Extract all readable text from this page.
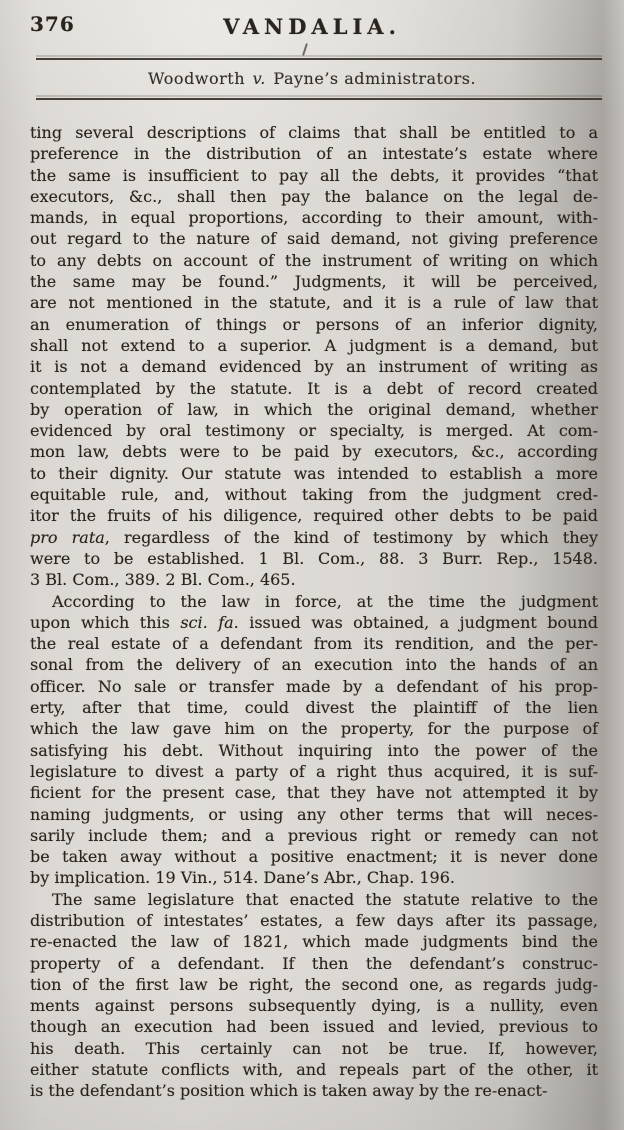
376	VANDALIA.
Woodworth v. Payne’s administrators.
ting several descriptions of claims that shall be entitled to a
preference in the distribution of an intestate’s estate where
the same is insufficient to pay all the debts, it provides “that
executors, &c., shall then pay the balance on the legal de-
mands, in equal proportions, according to their amount, with-
out regard to the nature of said demand, not giving preference
to any debts on account of the instrument of writing on which
the same may be found.” Judgments, it will be perceived,
are not mentioned in the statute, and it is a rule of law that
an enumeration of things or persons of an inferior dignity,
shall not extend to a superior. A judgment is a demand, but
it is not a demand evidenced by an instrument of writing as
contemplated by the statute. It is a debt of record created
by operation of law, in which the original demand, whether
evidenced by oral testimony or specialty, is merged. At com-
mon law, debts were to be paid by executors, &c., according
to their dignity. Our statute was intended to establish a more
equitable rule, and, without taking from the judgment cred-
itor the fruits of his diligence, required other debts to be paid
pro rata, regardless of the kind of testimony by which they
were to be established. 1 Bl. Com., 88. 3 Burr. Rep., 1548.
3 Bl. Com., 389. 2 Bl. Com., 465.
According to the law in force, at the time the judgment
upon which this sci. fa. issued was obtained, a judgment bound
the real estate of a defendant from its rendition, and the per-
sonal from the delivery of an execution into the hands of an
officer. No sale or transfer made by a defendant of his prop-
erty, after that time, could divest the plaintiff of the lien
which the law gave him on the property, for the purpose of
satisfying his debt. Without inquiring into the power of the
legislature to divest a party of a right thus acquired, it is suf-
ficient for the present case, that they have not attempted it by
naming judgments, or using any other terms that will neces-
sarily include them; and a previous right or remedy can not
be taken away without a positive enactment; it is never done
by implication. 19 Vin., 514. Dane’s Abr., Chap. 196.
The same legislature that enacted the statute relative to the
distribution of intestates’ estates, a few days after its passage,
re-enacted the law of 1821, which made judgments bind the
property of a defendant. If then the defendant’s construc-
tion of the first law be right, the second one, as regards judg-
ments against persons subsequently dying, is a nullity, even
though an execution had been issued and levied, previous to
his death. This certainly can not be true. If, however,
either statute conflicts with, and repeals part of the other, it
is the defendant’s position which is taken away by the re-enact-
